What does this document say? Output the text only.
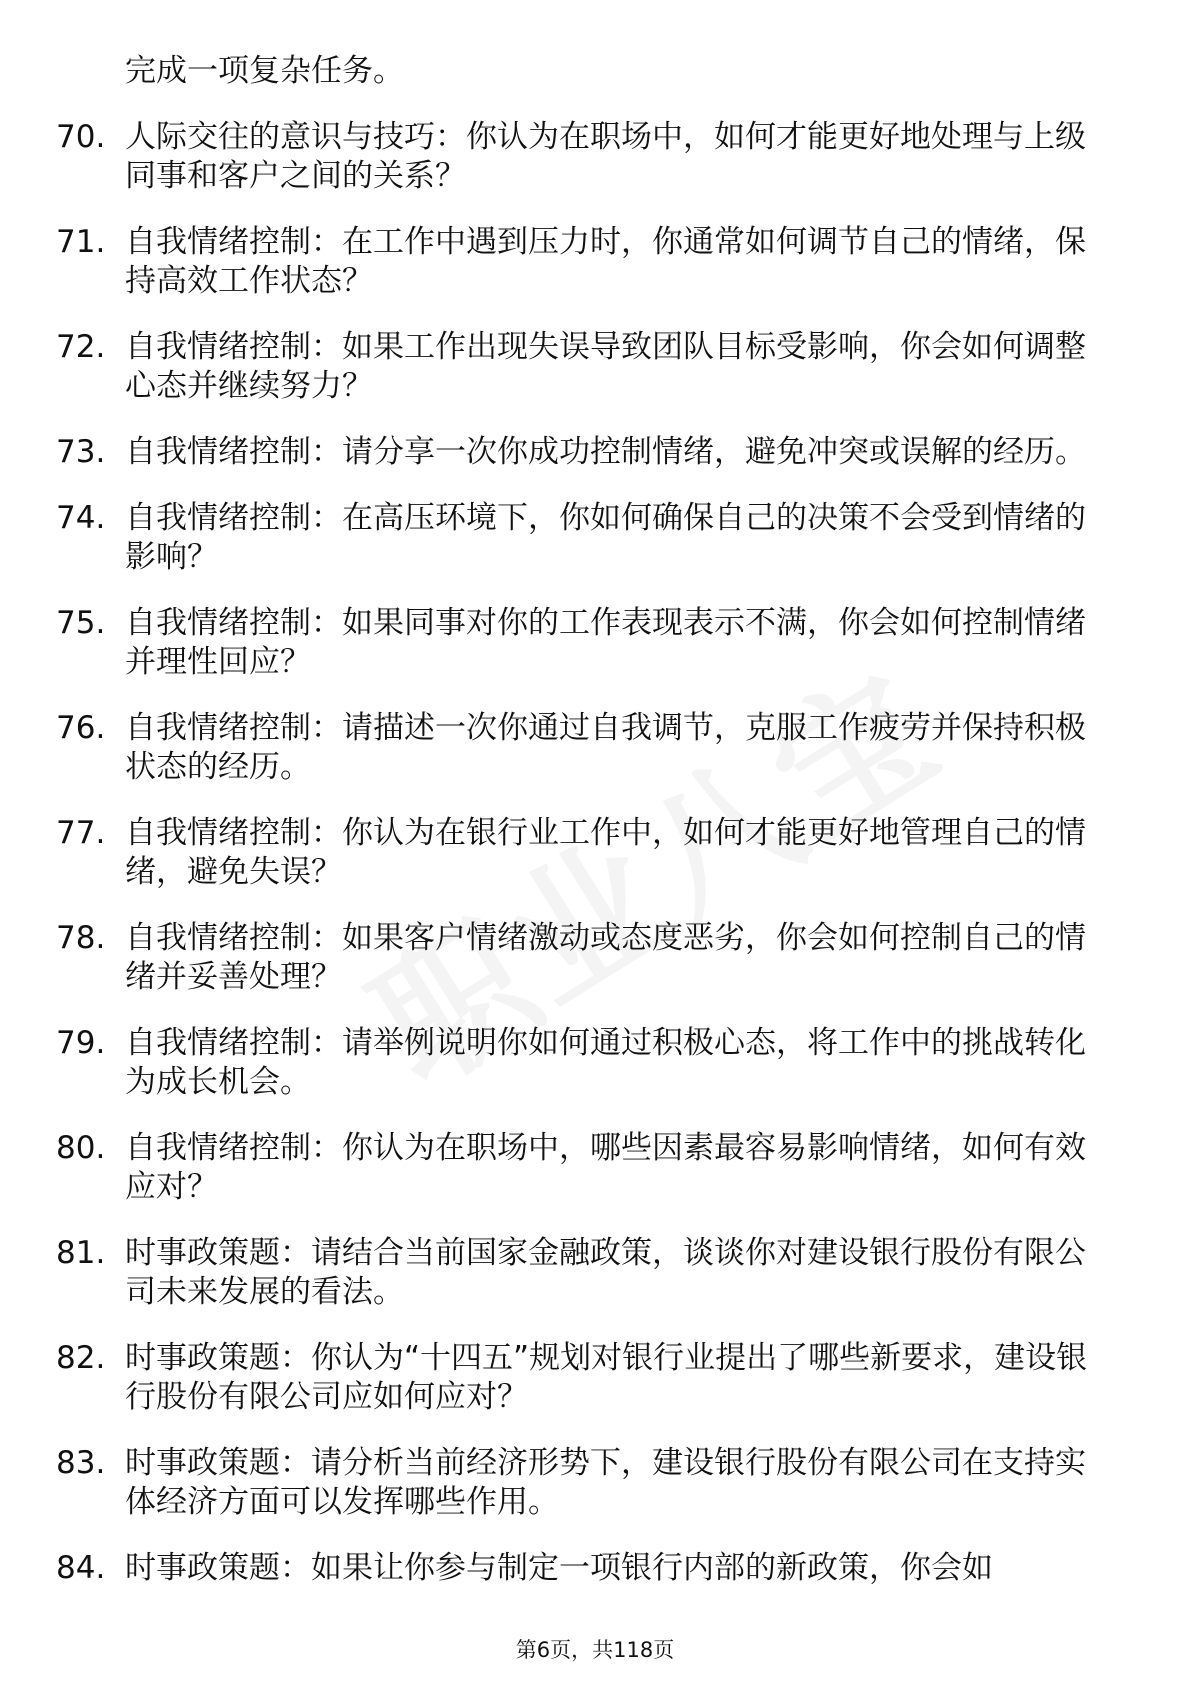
完成一项复杂任务。
70. 人际交往的意识与技巧：你认为在职场中，如何才能更好地处理与上级同事和客户之间的关系？
71. 自我情绪控制：在工作中遇到压力时，你通常如何调节自己的情绪，保持高效工作状态？
72. 自我情绪控制：如果工作出现失误导致团队目标受影响，你会如何调整心态并继续努力？
73. 自我情绪控制：请分享一次你成功控制情绪，避免冲突或误解的经历。
74. 自我情绪控制：在高压环境下，你如何确保自己的决策不会受到情绪的影响？
75. 自我情绪控制：如果同事对你的工作表现表示不满，你会如何控制情绪并理性回应？
76. 自我情绪控制：请描述一次你通过自我调节，克服工作疲劳并保持积极状态的经历。
77. 自我情绪控制：你认为在银行业工作中，如何才能更好地管理自己的情绪，避免失误？
78. 自我情绪控制：如果客户情绪激动或态度恶劣，你会如何控制自己的情绪并妥善处理？
79. 自我情绪控制：请举例说明你如何通过积极心态，将工作中的挑战转化为成长机会。
80. 自我情绪控制：你认为在职场中，哪些因素最容易影响情绪，如何有效应对？
81. 时事政策题：请结合当前国家金融政策，谈谈你对建设银行股份有限公司未来发展的看法。
82. 时事政策题：你认为“十四五”规划对银行业提出了哪些新要求，建设银行股份有限公司应如何应对？
83. 时事政策题：请分析当前经济形势下，建设银行股份有限公司在支持实体经济方面可以发挥哪些作用。
84. 时事政策题：如果让你参与制定一项银行内部的新政策，你会如
第6页，共118页
